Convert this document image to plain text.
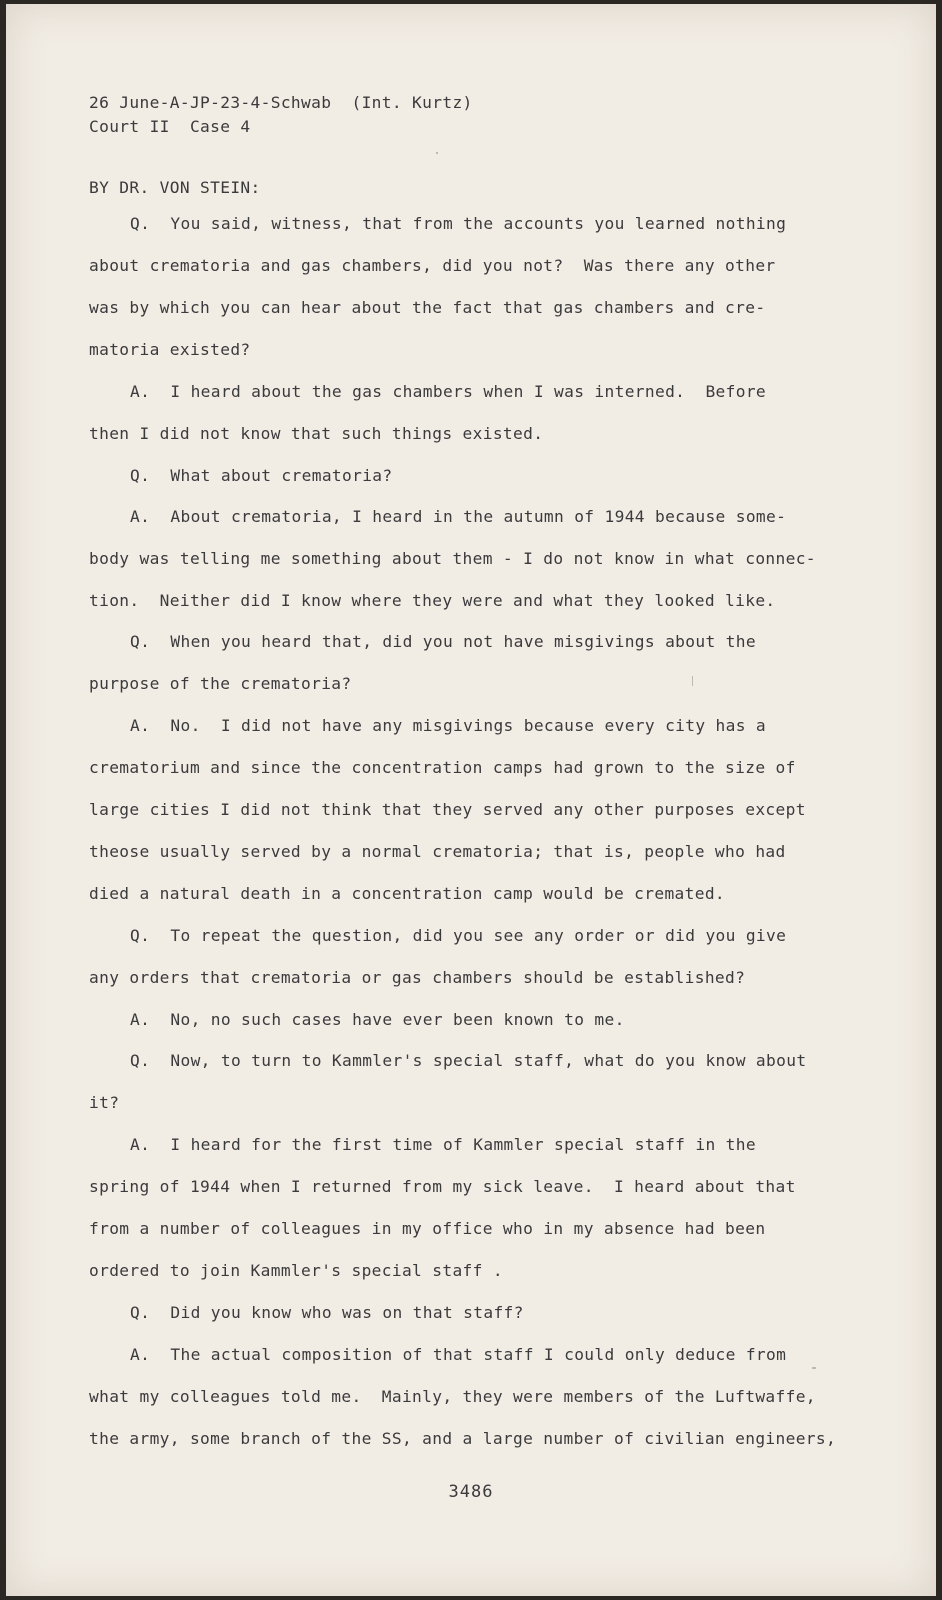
26 June-A-JP-23-4-Schwab  (Int. Kurtz)
Court II  Case 4
BY DR. VON STEIN:
Q.  You said, witness, that from the accounts you learned nothing
about crematoria and gas chambers, did you not?  Was there any other
was by which you can hear about the fact that gas chambers and cre-
matoria existed?
A.  I heard about the gas chambers when I was interned.  Before
then I did not know that such things existed.
Q.  What about crematoria?
A.  About crematoria, I heard in the autumn of 1944 because some-
body was telling me something about them - I do not know in what connec-
tion.  Neither did I know where they were and what they looked like.
Q.  When you heard that, did you not have misgivings about the
purpose of the crematoria?
A.  No.  I did not have any misgivings because every city has a
crematorium and since the concentration camps had grown to the size of
large cities I did not think that they served any other purposes except
theose usually served by a normal crematoria; that is, people who had
died a natural death in a concentration camp would be cremated.
Q.  To repeat the question, did you see any order or did you give
any orders that crematoria or gas chambers should be established?
A.  No, no such cases have ever been known to me.
Q.  Now, to turn to Kammler's special staff, what do you know about
it?
A.  I heard for the first time of Kammler special staff in the
spring of 1944 when I returned from my sick leave.  I heard about that
from a number of colleagues in my office who in my absence had been
ordered to join Kammler's special staff .
Q.  Did you know who was on that staff?
A.  The actual composition of that staff I could only deduce from
what my colleagues told me.  Mainly, they were members of the Luftwaffe,
the army, some branch of the SS, and a large number of civilian engineers,
3486
